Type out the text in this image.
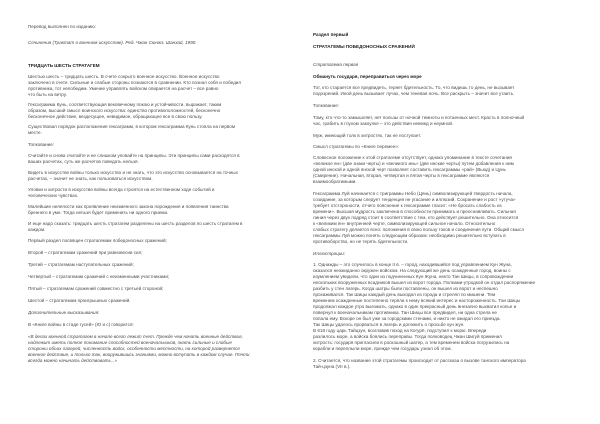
Перевод выполнен по изданию:
Сочинения (Трактат о военном искусстве). Ред. Чжан Сюнжэ. Шанхай, 1990.
ТРИДЦАТЬ ШЕСТЬ СТРАТАГЕМ
Шестью шесть – тридцать шесть. В счете сокрыто военное искусство. Военное искусство
заключено в счете. Сильные и слабые стороны познаются в сравнении. Кто познал себя и победил
противника, тот непобедим. Умение управлять войском опирается на расчет – все равно
что быть на ветру.
Гексаграмма Кунь, соответствующая вековечному покою и устойчивости, выражает, таким
образом, высший смысл воинского искусства: единство противоположностей, бесконечно
бесконечное действие, вездесущее, невидимое, обращающее все в свою пользу.
Существовал порядок расположения гексаграмм, в котором гексаграмма Кунь стояла на первом
месте.
Толкование:
Считайте и снова считайте и не слишком уповайте на принципы. Эти принципы сами расходятся в
ваших расчетах, суть же расчетов поведать нельзя.
Видеть в искусстве войны только искусство и не знать, что это искусство основывается на точных
расчетах, – значит не знать, как пользоваться искусством.
Уловки и хитрости в искусстве войны всегда строятся на естественном ходе событий и
человеческих чувствах.
Малейшие нелепости как проявление неизменного закона порождения и появления таинства
бреннего в уме. Тогда нельзя будет применить ни одного приема.
И еще надо сказать: тридцать шесть стратагем разделены на шесть разделов по шесть стратагем в
каждом.
Первый раздел посвящен стратагемам победоносных сражений;
Второй – стратагемам сражений при равновесии сил;
Третий – стратагемам наступательных сражений;
Четвертый – стратагемам сражений с неизменными участниками;
Пятый – стратагемам сражений совместно с третьей стороной;
Шестой – стратагемам проигрышных сражений.
Дополнительные высказывания:
В «Книге войны в стаде гусей» (Ю и с) говорится:
«В делах военной стратагем в начале всего лежит счет. Прежде чем начать военные действия,
надлежит иметь полное понимание способностей военачальников, знать сильные и слабые
стороны обоих лагерей, численность войск, особенности местности, на которой развернется
военное действие, и только так, вооружившись знаниями, можно вступать в каждом случае. Почти
всегда можно начинать действовать...»
Раздел первый
СТРАТАГЕМЫ ПОБЕДОНОСНЫХ СРАЖЕНИЙ
Стратагема первая
Обмануть государя, переправиться через море
Тот, кто старается все предвидеть, теряет бдительность. То, что видишь то день, не вызывает
подозрений. Иной день вызывает лучах, чем теневая ночь. Все раскрыть – значит все утаить.
Толкование:
Тому, кто что-то замышляет, нет пользы от ночной темноты и потаенных мест. Красть в полночный
час, грабить в глухом закоулке – это действия невежд и неумной.
Муж, имеющий толк в хитростях, так не поступает.
Смысл стратагемы по «Книге перемен»:
Словесное положение к этой стратагеме отсутствует, однако упоминание в тексте сочетания
«великое ян» (две знаки черты) и «великого инь» (две инские черты) путем добавления к ним
одной инской и одной янской черт позволяет составить гексаграммы «рай» (Вьюд) и Цунь
(Смирение). Начальная, вторая, четвертая и пятая черты в гексаграмме являются
взаимообратимыми.
Гексаграмма Луй начинается с триграммы Небо (Цянь) символизирующей твердость начала,
созидание, за которым следует тенденция не угасание и иллюзий. Сохранение и рост «утуча»
требует отстороности, отчего пояснение к гексаграмме гласит: «Не бросать слабость из
времени». Высшая мудрость заключена в способности принимать и преоснавливать. Сильная
линия через двух подряд стоит в соответствие с тем, кто действует решительно. Она относится
к «великим ян» внутренней черте, символизирующей сильное начало. Относительно
слабых стратегу делается ясно: положения в свою пользу токов и соединения пути. Общий смысл
гексаграммы Луй можно понять следующим образом: необходимо решительно вступать в
противоборство, но не терять бдительности.
Иллюстрации:
1. Однажды – это случилось в конце II в. – город, находившийся под управлением Кун Жуна,
оказался неожиданно окружен войском. На следующий же день осажденные город, воины с
изумлением увидели, что один из подчиненных Кун Жуна, некто Тан Шицы, в сопровождении
нескольких вооруженных всадников вышел из ворот города. Полками-утродкой он отдал распоряжение
разбить у стен лагерь. Когда шатры были поставлены, он вышел из ворот и неспешно
прохаживался. Так Шицы каждый день выходил из города и стрелял по мишени. Тем
временем осажденные постепенно теряли к нему всякий интерес и настороженность. Тан Шицы
продолжал каждое утро выезжать, однако в один прекрасный день внезапно выхватил копье и
повернул к военачальникам противника. Тан Шицы все предвидел, ни одна стрела не
попала ему. Вскоре он был уже за городскими стенами, и никто не ожидал его приезда.
Так Шицы удалось прорваться в лагерь и доложить о просьбе кун жун.
В 618 году царь Тайцзун, возглавив поход на Когурё, подступил к морю. Впереди
разлилось море, а войска боялись переправы. Тогда полководец Чжан Шигуй применил
хитрость: государя пригласили в роскошный шатер, а тем временем войска погрузились на
корабли и переплыли море, прежде чем государь узнал об этом.
2. Считается, что название этой стратагемы происходит от рассказа о вызове танского императора
Тай-цзуна (VII в.).
